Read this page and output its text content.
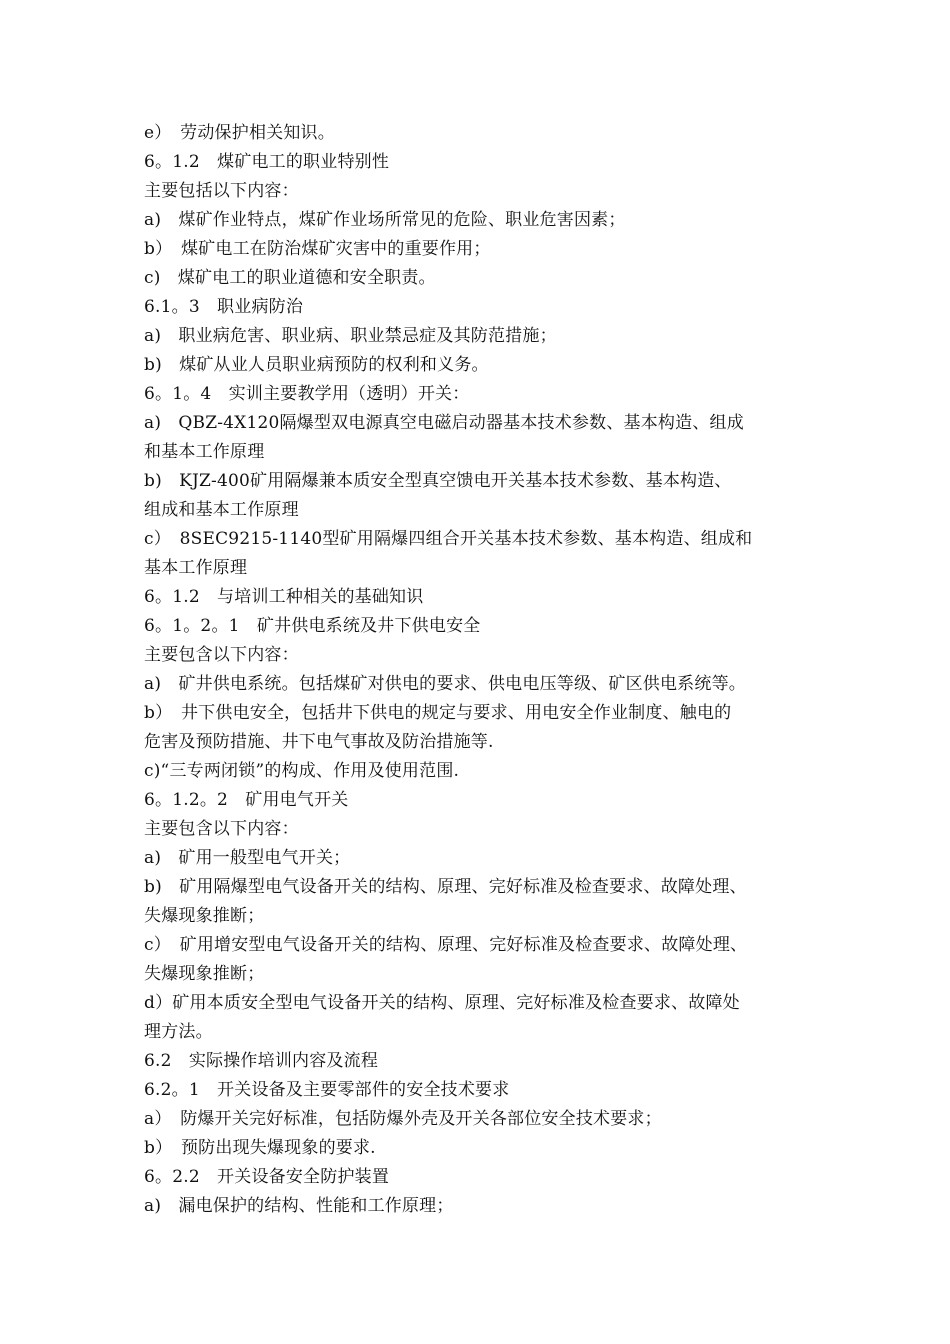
e）　劳动保护相关知识。
6。1.2　煤矿电工的职业特别性
主要包括以下内容：
a)　煤矿作业特点，煤矿作业场所常见的危险、职业危害因素；
b）　煤矿电工在防治煤矿灾害中的重要作用；
c)　煤矿电工的职业道德和安全职责。
6.1。3　职业病防治
a)　职业病危害、职业病、职业禁忌症及其防范措施；
b)　煤矿从业人员职业病预防的权利和义务。
6。1。4　实训主要教学用（透明）开关：
a)　QBZ-4X120隔爆型双电源真空电磁启动器基本技术参数、基本构造、组成
和基本工作原理
b)　KJZ-400矿用隔爆兼本质安全型真空馈电开关基本技术参数、基本构造、
组成和基本工作原理
c）　8SEC9215-1140型矿用隔爆四组合开关基本技术参数、基本构造、组成和
基本工作原理
6。1.2　与培训工种相关的基础知识
6。1。2。1　矿井供电系统及井下供电安全
主要包含以下内容：
a)　矿井供电系统。包括煤矿对供电的要求、供电电压等级、矿区供电系统等。
b）　井下供电安全，包括井下供电的规定与要求、用电安全作业制度、触电的
危害及预防措施、井下电气事故及防治措施等.
c)“三专两闭锁”的构成、作用及使用范围.
6。1.2。2　矿用电气开关
主要包含以下内容：
a)　矿用一般型电气开关；
b)　矿用隔爆型电气设备开关的结构、原理、完好标准及检查要求、故障处理、
失爆现象推断；
c）　矿用增安型电气设备开关的结构、原理、完好标准及检查要求、故障处理、
失爆现象推断；
d）矿用本质安全型电气设备开关的结构、原理、完好标准及检查要求、故障处
理方法。
6.2　实际操作培训内容及流程
6.2。1　开关设备及主要零部件的安全技术要求
a）　防爆开关完好标准，包括防爆外壳及开关各部位安全技术要求；
b）　预防出现失爆现象的要求.
6。2.2　开关设备安全防护装置
a)　漏电保护的结构、性能和工作原理；
